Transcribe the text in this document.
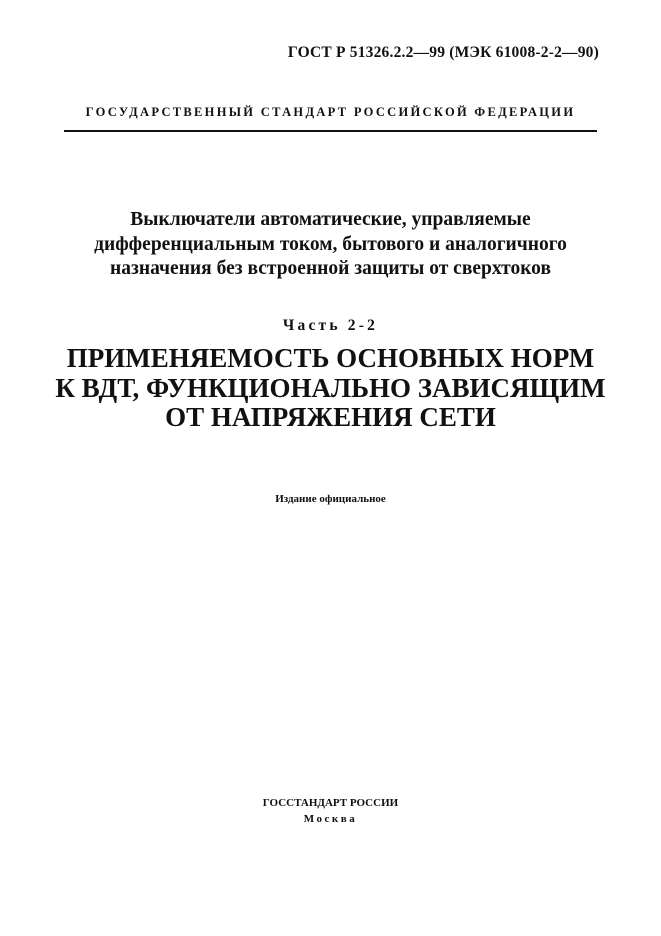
ГОСТ Р 51326.2.2—99 (МЭК 61008-2-2—90)
ГОСУДАРСТВЕННЫЙ СТАНДАРТ РОССИЙСКОЙ ФЕДЕРАЦИИ
Выключатели автоматические, управляемые
дифференциальным током, бытового и аналогичного
назначения без встроенной защиты от сверхтоков
Часть 2-2
ПРИМЕНЯЕМОСТЬ ОСНОВНЫХ НОРМ
К ВДТ, ФУНКЦИОНАЛЬНО ЗАВИСЯЩИМ
ОТ НАПРЯЖЕНИЯ СЕТИ
Издание официальное
ГОССТАНДАРТ РОССИИ
Москва
